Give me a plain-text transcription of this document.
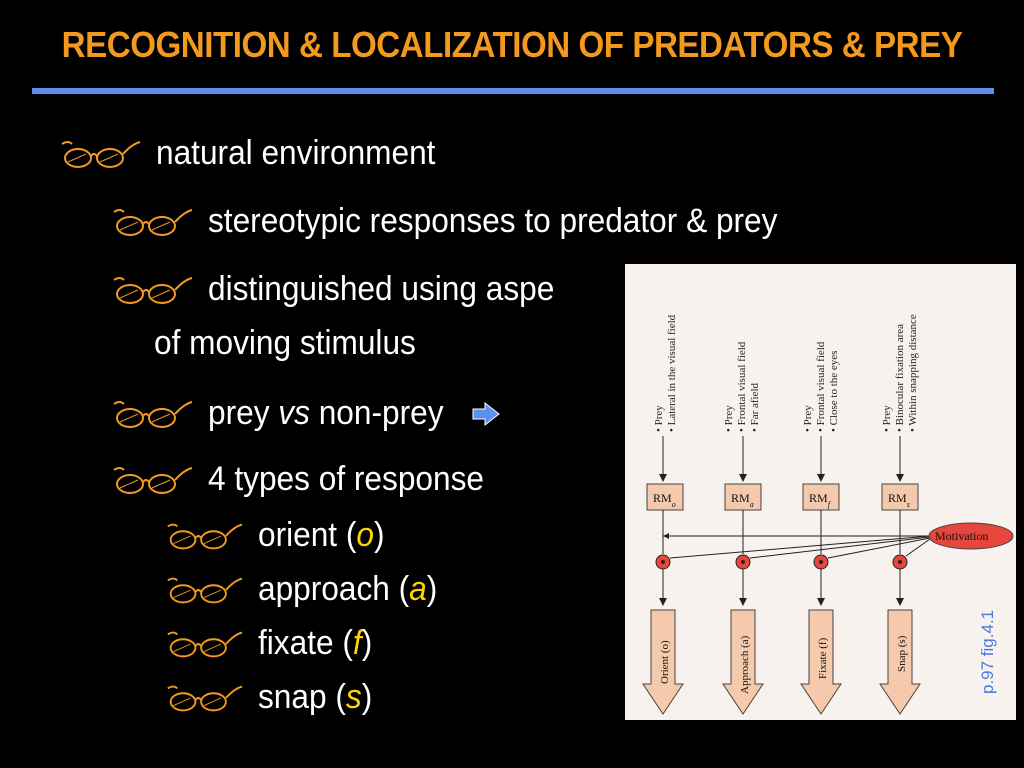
RECOGNITION & LOCALIZATION OF PREDATORS & PREY
natural environment
stereotypic responses to predator & prey
distinguished using aspe
of moving stimulus
prey vs non-prey
4 types of response
orient (o)
approach (a)
fixate (f)
snap (s)
• Prey • Lateral in the visual field
$RM_o$
Orient (o)
• Prey • Frontal visual field • Far afield
$RM_a$
Approach (a)
• Prey • Frontal visual field • Close to the eyes
$RM_f$
Fixate (f)
• Prey • Binocular fixation area • Within snapping distance
$RM_s$
Snap (s)
Motivation
p.97 fig.4.1
